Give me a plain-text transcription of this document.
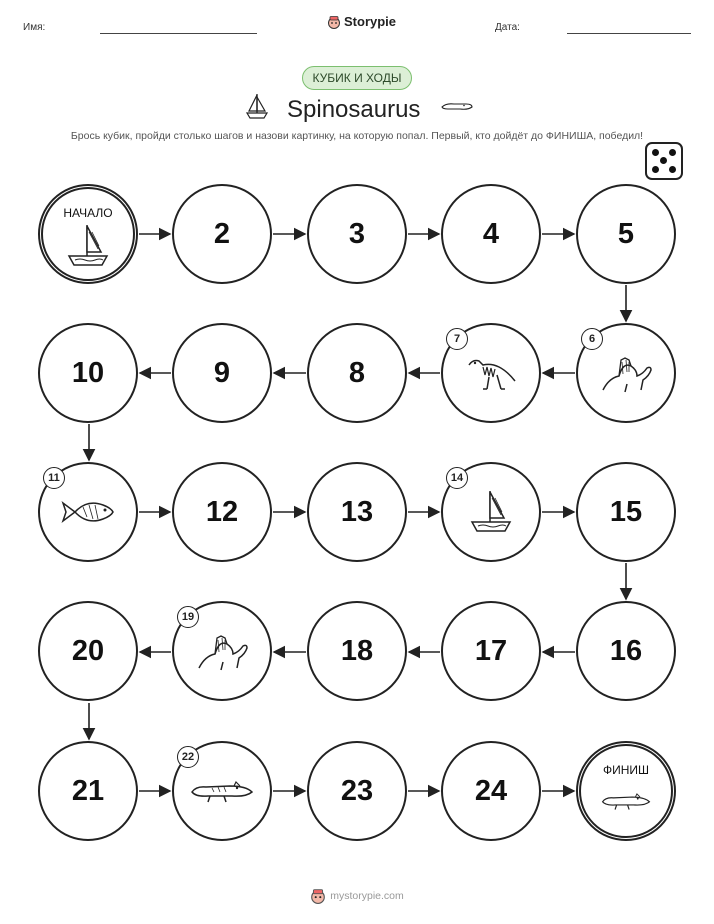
Имя:	Storypie	Дата:
КУБИК И ХОДЫ
Spinosaurus
Брось кубик, пройди столько шагов и назови картинку, на которую попал. Первый, кто дойдёт до ФИНИША, победил!
НАЧАЛО
2	3	4	5
10	9	8
7	6
11
12	13
14
15
20
19
18	17	16
21
22
23	24
ФИНИШ
mystorypie.com
